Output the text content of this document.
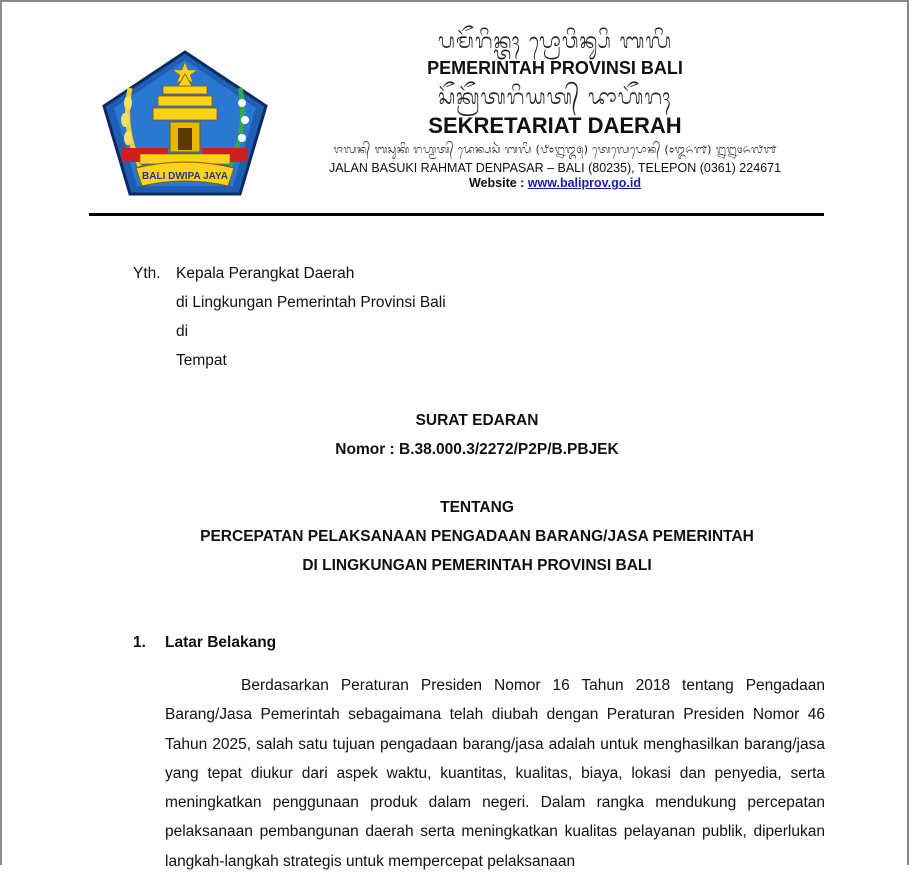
BALI DWIPA JAYA
ᬧᬫᭂᬭᬶᬦ᭄ᬢᬄ ᬧ᭄ᬭᭀᬯᬶᬦ᭄ᬲᬶ ᬩᬮᬶ
PEMERINTAH PROVINSI BALI
ᬲᭂᬓ᭄ᬭᭂᬢᬭᬶᬬᬢ᭄ ᬤᬵᬳᭂᬭᬄ
SEKRETARIAT DAERAH
ᬚᬮᬦ᭄ ᬩᬲᬸᬓᬶ ᬭᬳ᭄ᬫᬢ᭄ ᬤᬾᬦ᭄ᬧᬲᬃ ᬩᬮᬶ (᭘᭐᭒᭓᭕) ᬢᬾᬮᬾᬧᭀᬦ᭄ (᭐᭓᭖᭑) ᭒᭒᭔᭖᭗᭑
JALAN BASUKI RAHMAT DENPASAR – BALI (80235), TELEPON (0361) 224671
Website : www.baliprov.go.id
Yth. Kepala Perangkat Daerah
di Lingkungan Pemerintah Provinsi Bali
di
Tempat
SURAT EDARAN
Nomor : B.38.000.3/2272/P2P/B.PBJEK
TENTANG
PERCEPATAN PELAKSANAAN PENGADAAN BARANG/JASA PEMERINTAH
DI LINGKUNGAN PEMERINTAH PROVINSI BALI
1. Latar Belakang
Berdasarkan Peraturan Presiden Nomor 16 Tahun 2018 tentang Pengadaan Barang/Jasa Pemerintah sebagaimana telah diubah dengan Peraturan Presiden Nomor 46 Tahun 2025, salah satu tujuan pengadaan barang/jasa adalah untuk menghasilkan barang/jasa yang tepat diukur dari aspek waktu, kuantitas, kualitas, biaya, lokasi dan penyedia, serta meningkatkan penggunaan produk dalam negeri. Dalam rangka mendukung percepatan pelaksanaan pembangunan daerah serta meningkatkan kualitas pelayanan publik, diperlukan langkah-langkah strategis untuk mempercepat pelaksanaan
